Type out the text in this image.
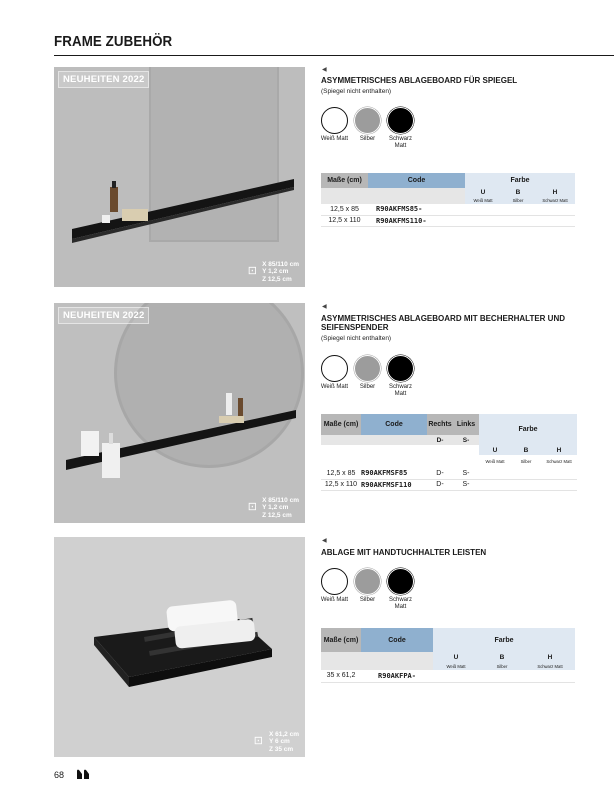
FRAME ZUBEHÖR
NEUHEITEN 2022
⊡
X 85/110 cm
Y 1,2 cm
Z 12,5 cm
◀
ASYMMETRISCHES ABLAGEBOARD FÜR SPIEGEL
(Spiegel nicht enthalten)
Weiß Matt	Silber	Schwarz Matt
Maße (cm)	Code	Farbe		
		U	B	H
		Weiß Matt	Silber	Schwarz Matt
12,5 x 85	R90AKFMS85-			
12,5 x 110	R90AKFMS110-			
NEUHEITEN 2022
⊡
X 85/110 cm
Y 1,2 cm
Z 12,5 cm
◀
ASYMMETRISCHES ABLAGEBOARD MIT BECHERHALTER UND SEIFENSPENDER
(Spiegel nicht enthalten)
Weiß Matt	Silber	Schwarz Matt
Maße (cm)	Code	Rechts	Links	Farbe		
		D-	S-			
				U	B	H
				Weiß Matt	Silber	Schwarz Matt
12,5 x 85	R90AKFMSF85	D-	S-			
12,5 x 110	R90AKFMSF110	D-	S-			
⊡
X 61,2 cm
Y 6 cm
Z 35 cm
◀
ABLAGE MIT HANDTUCHHALTER LEISTEN
Weiß Matt	Silber	Schwarz Matt
Maße (cm)	Code	Farbe		
		U	B	H
		Weiß Matt	Silber	Schwarz Matt
35 x 61,2	R90AKFPA-			
68
